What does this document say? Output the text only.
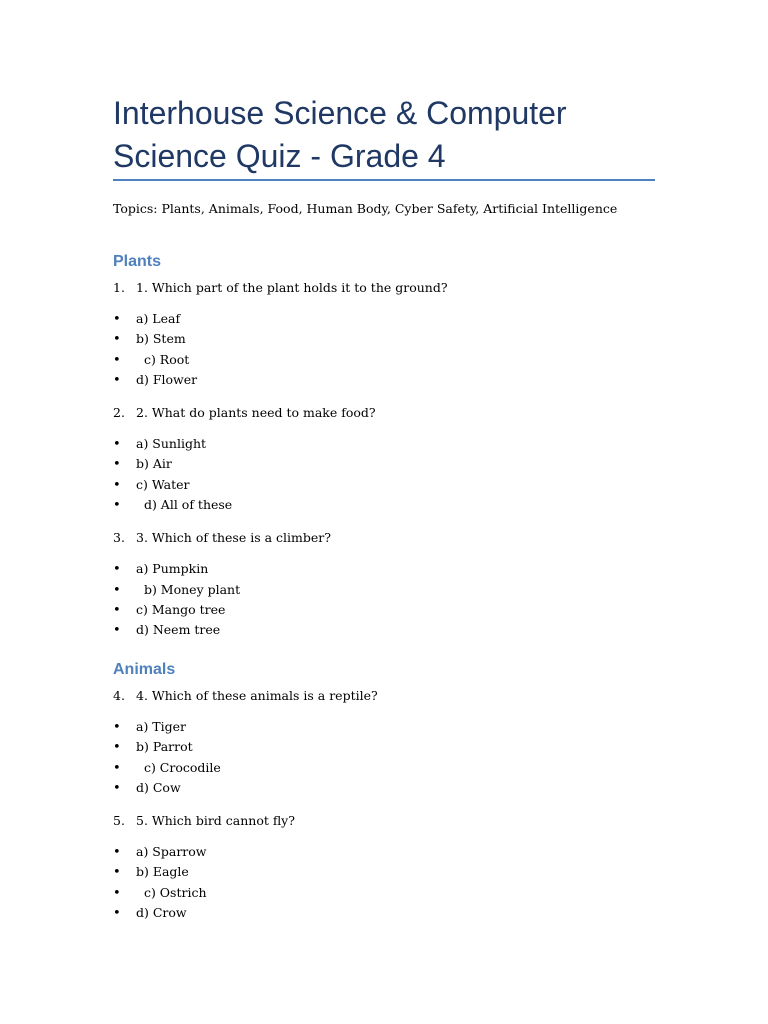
Interhouse Science & Computer Science Quiz - Grade 4

Topics: Plants, Animals, Food, Human Body, Cyber Safety, Artificial Intelligence

Plants

1. 1. Which part of the plant holds it to the ground?

• a) Leaf
• b) Stem
•  c) Root
• d) Flower

2. 2. What do plants need to make food?

• a) Sunlight
• b) Air
• c) Water
•  d) All of these

3. 3. Which of these is a climber?

• a) Pumpkin
•  b) Money plant
• c) Mango tree
• d) Neem tree
Animals

4. 4. Which of these animals is a reptile?

• a) Tiger
• b) Parrot
•  c) Crocodile
• d) Cow

5. 5. Which bird cannot fly?

• a) Sparrow
• b) Eagle
•  c) Ostrich
• d) Crow
